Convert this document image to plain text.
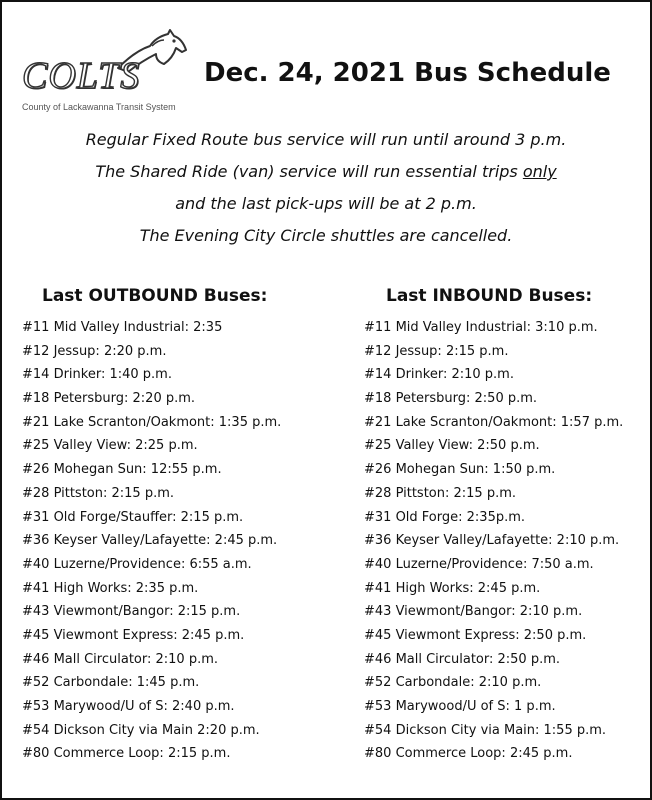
COLTS
County of Lackawanna Transit System
Dec. 24, 2021 Bus Schedule
Regular Fixed Route bus service will run until around 3 p.m.
The Shared Ride (van) service will run essential trips only
and the last pick-ups will be at 2 p.m.
The Evening City Circle shuttles are cancelled.
Last OUTBOUND Buses:	Last INBOUND Buses:
#11 Mid Valley Industrial: 2:35
#12 Jessup: 2:20 p.m.
#14 Drinker: 1:40 p.m.
#18 Petersburg: 2:20 p.m.
#21 Lake Scranton/Oakmont: 1:35 p.m.
#25 Valley View: 2:25 p.m.
#26 Mohegan Sun: 12:55 p.m.
#28 Pittston: 2:15 p.m.
#31 Old Forge/Stauffer: 2:15 p.m.
#36 Keyser Valley/Lafayette: 2:45 p.m.
#40 Luzerne/Providence: 6:55 a.m.
#41 High Works: 2:35 p.m.
#43 Viewmont/Bangor: 2:15 p.m.
#45 Viewmont Express: 2:45 p.m.
#46 Mall Circulator: 2:10 p.m.
#52 Carbondale: 1:45 p.m.
#53 Marywood/U of S: 2:40 p.m.
#54 Dickson City via Main 2:20 p.m.
#80 Commerce Loop: 2:15 p.m.
#11 Mid Valley Industrial: 3:10 p.m.
#12 Jessup: 2:15 p.m.
#14 Drinker: 2:10 p.m.
#18 Petersburg: 2:50 p.m.
#21 Lake Scranton/Oakmont: 1:57 p.m.
#25 Valley View: 2:50 p.m.
#26 Mohegan Sun: 1:50 p.m.
#28 Pittston: 2:15 p.m.
#31 Old Forge: 2:35p.m.
#36 Keyser Valley/Lafayette: 2:10 p.m.
#40 Luzerne/Providence: 7:50 a.m.
#41 High Works: 2:45 p.m.
#43 Viewmont/Bangor: 2:10 p.m.
#45 Viewmont Express: 2:50 p.m.
#46 Mall Circulator: 2:50 p.m.
#52 Carbondale: 2:10 p.m.
#53 Marywood/U of S: 1 p.m.
#54 Dickson City via Main: 1:55 p.m.
#80 Commerce Loop: 2:45 p.m.
